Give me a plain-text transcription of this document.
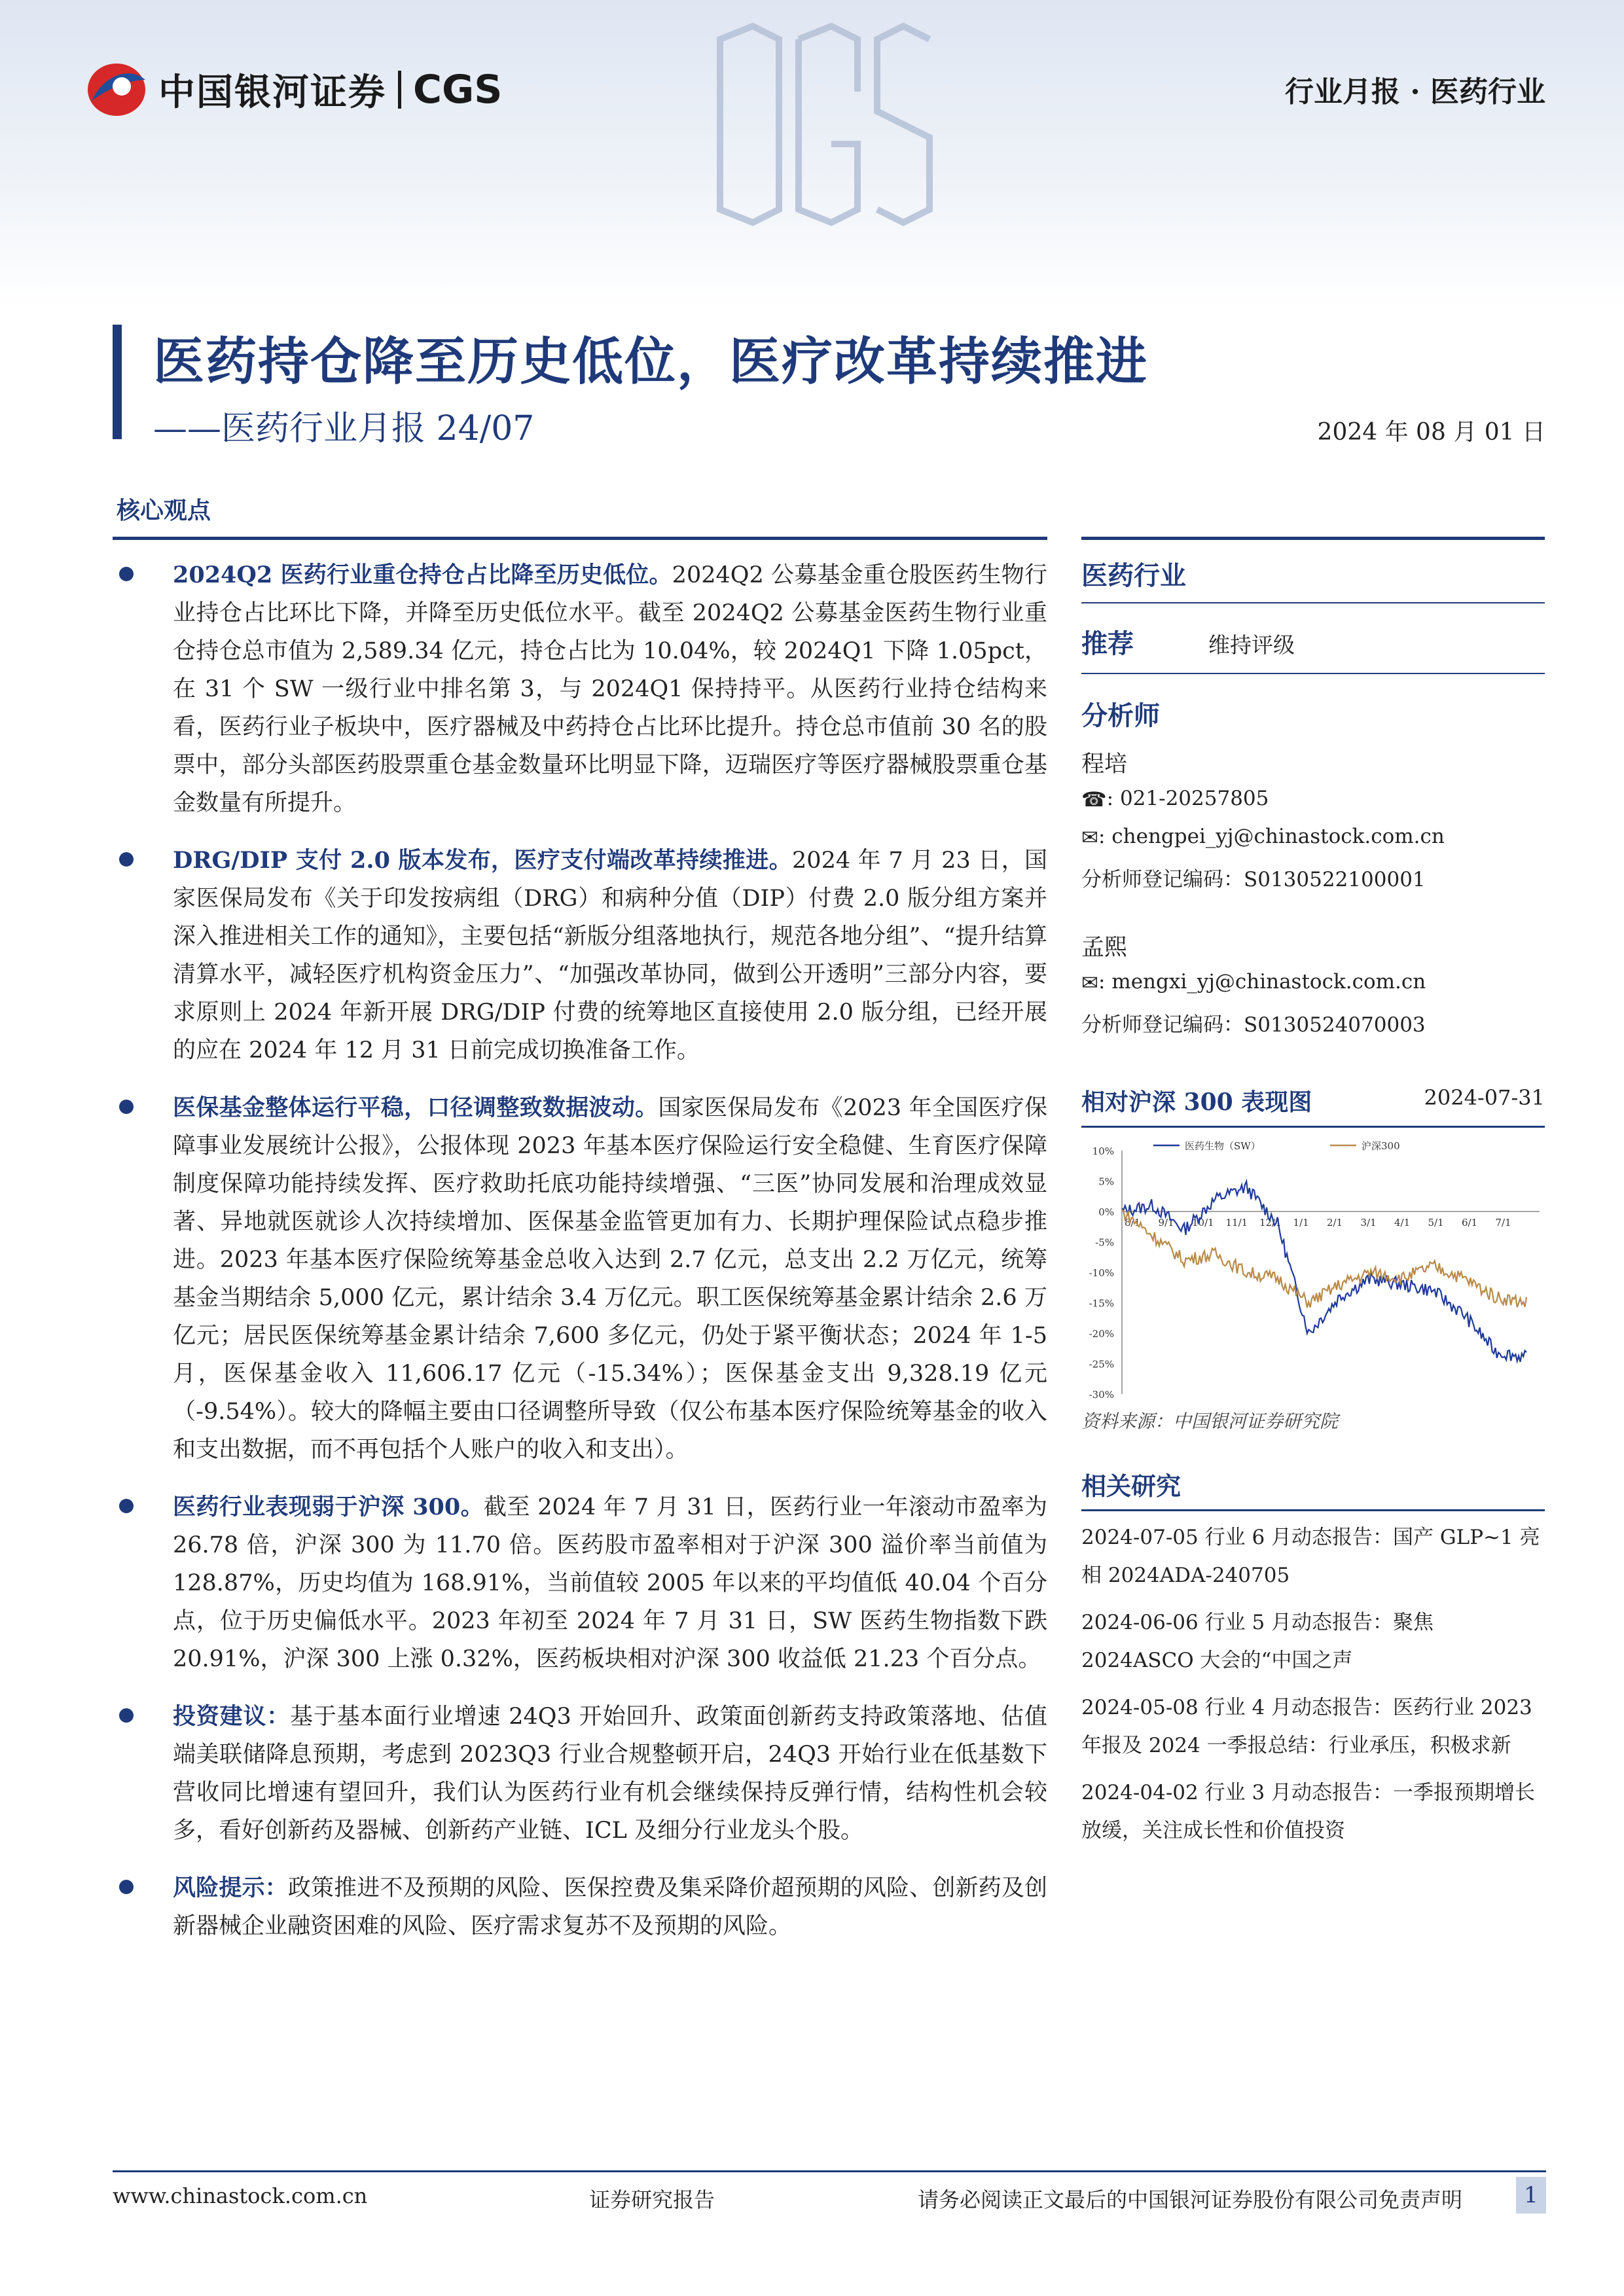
中国银河证券 CGS	行业月报 · 医药行业
医药持仓降至历史低位，医疗改革持续推进
——医药行业月报 24/07	2024 年 08 月 01 日
核心观点

2024Q2 医药行业重仓持仓占比降至历史低位。2024Q2 公募基金重仓股医药生物行业持仓占比环比下降，并降至历史低位水平。截至 2024Q2 公募基金医药生物行业重仓持仓总市值为 2,589.34 亿元，持仓占比为 10.04%，较 2024Q1 下降 1.05pct，在 31 个 SW 一级行业中排名第 3，与 2024Q1 保持持平。从医药行业持仓结构来看，医药行业子板块中，医疗器械及中药持仓占比环比提升。持仓总市值前 30 名的股票中，部分头部医药股票重仓基金数量环比明显下降，迈瑞医疗等医疗器械股票重仓基金数量有所提升。

DRG/DIP 支付 2.0 版本发布，医疗支付端改革持续推进。2024 年 7 月 23 日，国家医保局发布《关于印发按病组（DRG）和病种分值（DIP）付费 2.0 版分组方案并深入推进相关工作的通知》，主要包括“新版分组落地执行，规范各地分组”、“提升结算清算水平，减轻医疗机构资金压力”、“加强改革协同，做到公开透明”三部分内容，要求原则上 2024 年新开展 DRG/DIP 付费的统筹地区直接使用 2.0 版分组，已经开展的应在 2024 年 12 月 31 日前完成切换准备工作。

医保基金整体运行平稳，口径调整致数据波动。国家医保局发布《2023 年全国医疗保障事业发展统计公报》，公报体现 2023 年基本医疗保险运行安全稳健、生育医疗保障制度保障功能持续发挥、医疗救助托底功能持续增强、“三医”协同发展和治理成效显著、异地就医就诊人次持续增加、医保基金监管更加有力、长期护理保险试点稳步推进。2023 年基本医疗保险统筹基金总收入达到 2.7 亿元，总支出 2.2 万亿元，统筹基金当期结余 5,000 亿元，累计结余 3.4 万亿元。职工医保统筹基金累计结余 2.6 万亿元；居民医保统筹基金累计结余 7,600 多亿元，仍处于紧平衡状态；2024 年 1-5 月，医保基金收入 11,606.17 亿元（-15.34%）；医保基金支出 9,328.19 亿元（-9.54%）。较大的降幅主要由口径调整所导致（仅公布基本医疗保险统筹基金的收入和支出数据，而不再包括个人账户的收入和支出）。

医药行业表现弱于沪深 300。截至 2024 年 7 月 31 日，医药行业一年滚动市盈率为 26.78 倍，沪深 300 为 11.70 倍。医药股市盈率相对于沪深 300 溢价率当前值为 128.87%，历史均值为 168.91%，当前值较 2005 年以来的平均值低 40.04 个百分点，位于历史偏低水平。2023 年初至 2024 年 7 月 31 日，SW 医药生物指数下跌 20.91%，沪深 300 上涨 0.32%，医药板块相对沪深 300 收益低 21.23 个百分点。

投资建议：基于基本面行业增速 24Q3 开始回升、政策面创新药支持政策落地、估值端美联储降息预期，考虑到 2023Q3 行业合规整顿开启，24Q3 开始行业在低基数下营收同比增速有望回升，我们认为医药行业有机会继续保持反弹行情，结构性机会较多，看好创新药及器械、创新药产业链、ICL 及细分行业龙头个股。

风险提示：政策推进不及预期的风险、医保控费及集采降价超预期的风险、创新药及创新器械企业融资困难的风险、医疗需求复苏不及预期的风险。

医药行业
推荐	维持评级
分析师
程培
☎: 021-20257805
✉: chengpei_yj@chinastock.com.cn
分析师登记编码：S0130522100001
孟熙
✉: mengxi_yj@chinastock.com.cn
分析师登记编码：S0130524070003
相对沪深 300 表现图	2024-07-31
10%
5%
0%
-5%
-10%
-15%
-20%
-25%
-30%
8/1 9/1 10/1 11/1 12/1 1/1 2/1 3/1 4/1 5/1 6/1 7/1
医药生物（SW）	沪深300
资料来源：中国银河证券研究院
相关研究
2024-07-05 行业 6 月动态报告：国产 GLP~1 亮相 2024ADA-240705
2024-06-06 行业 5 月动态报告：聚焦 2024ASCO 大会的“中国之声
2024-05-08 行业 4 月动态报告：医药行业 2023 年报及 2024 一季报总结：行业承压，积极求新
2024-04-02 行业 3 月动态报告：一季报预期增长放缓，关注成长性和价值投资
www.chinastock.com.cn	证券研究报告	请务必阅读正文最后的中国银河证券股份有限公司免责声明	1
